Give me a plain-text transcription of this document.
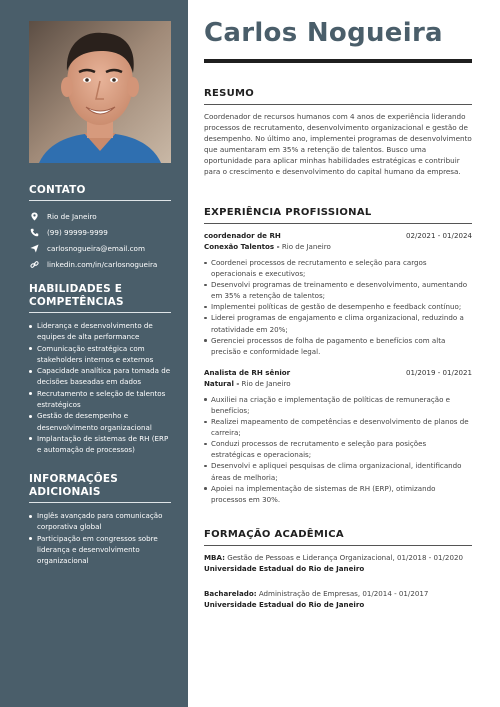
CONTATO
Rio de Janeiro
(99) 99999-9999
carlosnogueira@email.com
linkedin.com/in/carlosnogueira
HABILIDADES E COMPETÊNCIAS
Liderança e desenvolvimento de equipes de alta performance
Comunicação estratégica com stakeholders internos e externos
Capacidade analítica para tomada de decisões baseadas em dados
Recrutamento e seleção de talentos estratégicos
Gestão de desempenho e desenvolvimento organizacional
Implantação de sistemas de RH (ERP e automação de processos)
INFORMAÇÕES ADICIONAIS
Inglês avançado para comunicação corporativa global
Participação em congressos sobre liderança e desenvolvimento organizacional
Carlos Nogueira
RESUMO
Coordenador de recursos humanos com 4 anos de experiência liderando processos de recrutamento, desenvolvimento organizacional e gestão de desempenho. No último ano, implementei programas de desenvolvimento que aumentaram em 35% a retenção de talentos. Busco uma oportunidade para aplicar minhas habilidades estratégicas e contribuir para o crescimento e desenvolvimento do capital humano da empresa.
EXPERIÊNCIA PROFISSIONAL
coordenador de RH	02/2021 - 01/2024
Conexão Talentos - Rio de Janeiro
Coordenei processos de recrutamento e seleção para cargos operacionais e executivos;
Desenvolvi programas de treinamento e desenvolvimento, aumentando em 35% a retenção de talentos;
Implementei políticas de gestão de desempenho e feedback contínuo;
Liderei programas de engajamento e clima organizacional, reduzindo a rotatividade em 20%;
Gerenciei processos de folha de pagamento e benefícios com alta precisão e conformidade legal.
Analista de RH sênior	01/2019 - 01/2021
Natural - Rio de Janeiro
Auxiliei na criação e implementação de políticas de remuneração e benefícios;
Realizei mapeamento de competências e desenvolvimento de planos de carreira;
Conduzi processos de recrutamento e seleção para posições estratégicas e operacionais;
Desenvolvi e apliquei pesquisas de clima organizacional, identificando áreas de melhoria;
Apoiei na implementação de sistemas de RH (ERP), otimizando processos em 30%.
FORMAÇÃO ACADÊMICA
MBA: Gestão de Pessoas e Liderança Organizacional, 01/2018 - 01/2020
Universidade Estadual do Rio de Janeiro
Bacharelado: Administração de Empresas, 01/2014 - 01/2017
Universidade Estadual do Rio de Janeiro
